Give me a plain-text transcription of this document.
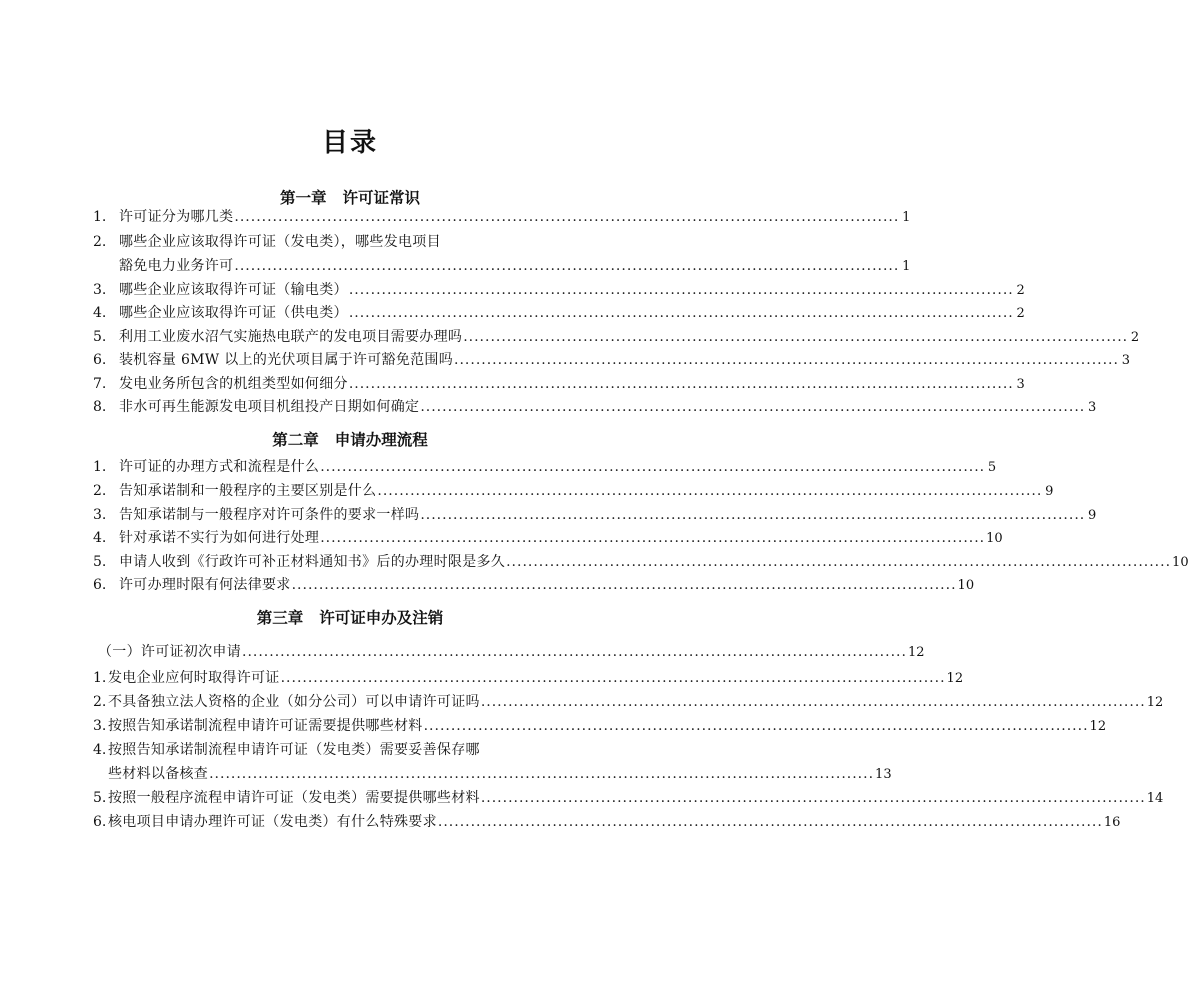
目录
第一章 许可证常识
1. 许可证分为哪几类 .......................................................................................................................... 1
2. 哪些企业应该取得许可证（发电类），哪些发电项目
豁免电力业务许可 .......................................................................................................................... 1
3. 哪些企业应该取得许可证（输电类） .......................................................................................................................... 2
4. 哪些企业应该取得许可证（供电类） .......................................................................................................................... 2
5. 利用工业废水沼气实施热电联产的发电项目需要办理吗 .......................................................................................................................... 2
6. 装机容量 6MW 以上的光伏项目属于许可豁免范围吗 .......................................................................................................................... 3
7. 发电业务所包含的机组类型如何细分 .......................................................................................................................... 3
8. 非水可再生能源发电项目机组投产日期如何确定 .......................................................................................................................... 3
第二章 申请办理流程
1. 许可证的办理方式和流程是什么 .......................................................................................................................... 5
2. 告知承诺制和一般程序的主要区别是什么 .......................................................................................................................... 9
3. 告知承诺制与一般程序对许可条件的要求一样吗 .......................................................................................................................... 9
4. 针对承诺不实行为如何进行处理 .......................................................................................................................... 10
5. 申请人收到《行政许可补正材料通知书》后的办理时限是多久 .......................................................................................................................... 10
6. 许可办理时限有何法律要求 .......................................................................................................................... 10
第三章 许可证申办及注销
（一）许可证初次申请 .......................................................................................................................... 12
1. 发电企业应何时取得许可证 .......................................................................................................................... 12
2. 不具备独立法人资格的企业（如分公司）可以申请许可证吗 .......................................................................................................................... 12
3. 按照告知承诺制流程申请许可证需要提供哪些材料 .......................................................................................................................... 12
4. 按照告知承诺制流程申请许可证（发电类）需要妥善保存哪
些材料以备核查 .......................................................................................................................... 13
5. 按照一般程序流程申请许可证（发电类）需要提供哪些材料 .......................................................................................................................... 14
6. 核电项目申请办理许可证（发电类）有什么特殊要求 .......................................................................................................................... 16
